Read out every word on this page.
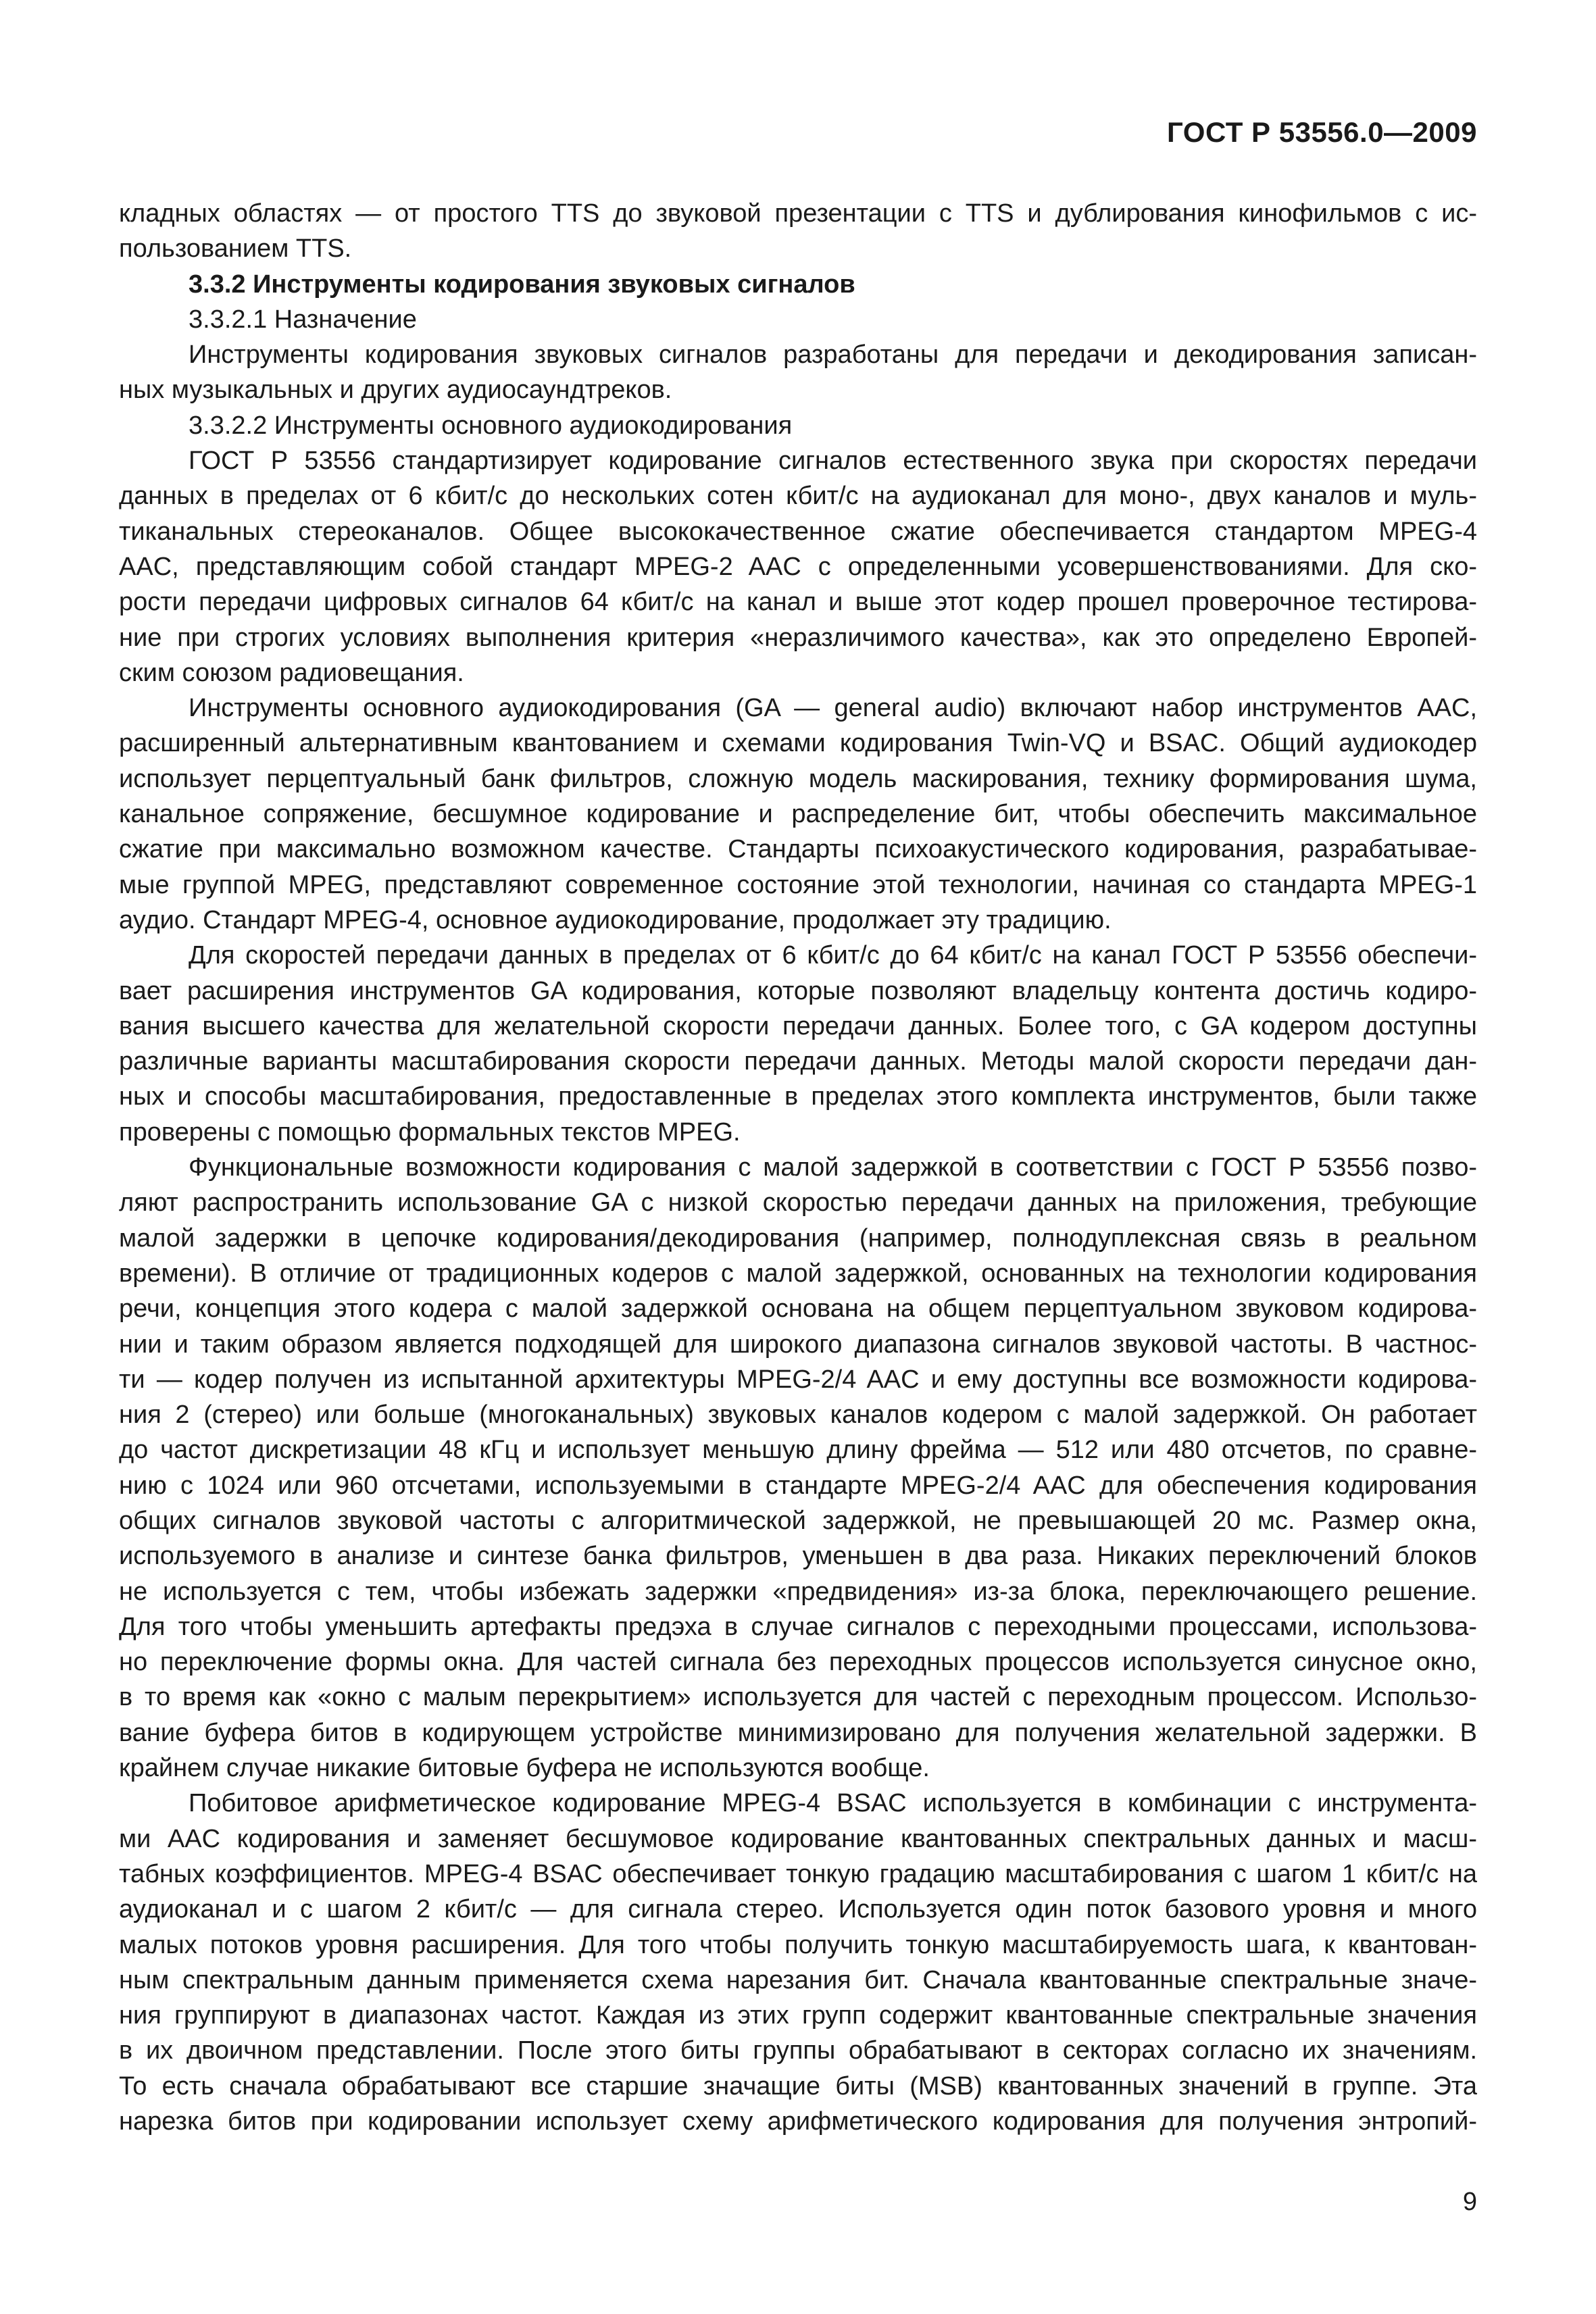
ГОСТ Р 53556.0—2009
кладных областях — от простого TTS до звуковой презентации с TTS и дублирования кинофильмов с ис-
пользованием TTS.
3.3.2 Инструменты кодирования звуковых сигналов
3.3.2.1 Назначение
Инструменты кодирования звуковых сигналов разработаны для передачи и декодирования записан-
ных музыкальных и других аудиосаундтреков.
3.3.2.2 Инструменты основного аудиокодирования
ГОСТ Р 53556 стандартизирует кодирование сигналов естественного звука при скоростях передачи
данных в пределах от 6 кбит/с до нескольких сотен кбит/с на аудиоканал для моно-, двух каналов и муль-
тиканальных стереоканалов. Общее высококачественное сжатие обеспечивается стандартом MPEG-4
AAC, представляющим собой стандарт MPEG-2 AAC с определенными усовершенствованиями. Для ско-
рости передачи цифровых сигналов 64 кбит/с на канал и выше этот кодер прошел проверочное тестирова-
ние при строгих условиях выполнения критерия «неразличимого качества», как это определено Европей-
ским союзом радиовещания.
Инструменты основного аудиокодирования (GA — general audio) включают набор инструментов AAC,
расширенный альтернативным квантованием и схемами кодирования Twin-VQ и BSAC. Общий аудиокодер
использует перцептуальный банк фильтров, сложную модель маскирования, технику формирования шума,
канальное сопряжение, бесшумное кодирование и распределение бит, чтобы обеспечить максимальное
сжатие при максимально возможном качестве. Стандарты психоакустического кодирования, разрабатывае-
мые группой MPEG, представляют современное состояние этой технологии, начиная со стандарта MPEG-1
аудио. Стандарт MPEG-4, основное аудиокодирование, продолжает эту традицию.
Для скоростей передачи данных в пределах от 6 кбит/с до 64 кбит/с на канал ГОСТ Р 53556 обеспечи-
вает расширения инструментов GA кодирования, которые позволяют владельцу контента достичь кодиро-
вания высшего качества для желательной скорости передачи данных. Более того, с GA кодером доступны
различные варианты масштабирования скорости передачи данных. Методы малой скорости передачи дан-
ных и способы масштабирования, предоставленные в пределах этого комплекта инструментов, были также
проверены с помощью формальных текстов MPEG.
Функциональные возможности кодирования с малой задержкой в соответствии с ГОСТ Р 53556 позво-
ляют распространить использование GA с низкой скоростью передачи данных на приложения, требующие
малой задержки в цепочке кодирования/декодирования (например, полнодуплексная связь в реальном
времени). В отличие от традиционных кодеров с малой задержкой, основанных на технологии кодирования
речи, концепция этого кодера с малой задержкой основана на общем перцептуальном звуковом кодирова-
нии и таким образом является подходящей для широкого диапазона сигналов звуковой частоты. В частнос-
ти — кодер получен из испытанной архитектуры MPEG-2/4 AAC и ему доступны все возможности кодирова-
ния 2 (стерео) или больше (многоканальных) звуковых каналов кодером с малой задержкой. Он работает
до частот дискретизации 48 кГц и использует меньшую длину фрейма — 512 или 480 отсчетов, по сравне-
нию с 1024 или 960 отсчетами, используемыми в стандарте MPEG-2/4 AAC для обеспечения кодирования
общих сигналов звуковой частоты с алгоритмической задержкой, не превышающей 20 мс. Размер окна,
используемого в анализе и синтезе банка фильтров, уменьшен в два раза. Никаких переключений блоков
не используется с тем, чтобы избежать задержки «предвидения» из-за блока, переключающего решение.
Для того чтобы уменьшить артефакты предэха в случае сигналов с переходными процессами, использова-
но переключение формы окна. Для частей сигнала без переходных процессов используется синусное окно,
в то время как «окно с малым перекрытием» используется для частей с переходным процессом. Использо-
вание буфера битов в кодирующем устройстве минимизировано для получения желательной задержки. В
крайнем случае никакие битовые буфера не используются вообще.
Побитовое арифметическое кодирование MPEG-4 BSAC используется в комбинации с инструмента-
ми AAC кодирования и заменяет бесшумовое кодирование квантованных спектральных данных и масш-
табных коэффициентов. MPEG-4 BSAC обеспечивает тонкую градацию масштабирования с шагом 1 кбит/с на
аудиоканал и с шагом 2 кбит/с — для сигнала стерео. Используется один поток базового уровня и много
малых потоков уровня расширения. Для того чтобы получить тонкую масштабируемость шага, к квантован-
ным спектральным данным применяется схема нарезания бит. Сначала квантованные спектральные значе-
ния группируют в диапазонах частот. Каждая из этих групп содержит квантованные спектральные значения
в их двоичном представлении. После этого биты группы обрабатывают в секторах согласно их значениям.
То есть сначала обрабатывают все старшие значащие биты (MSB) квантованных значений в группе. Эта
нарезка битов при кодировании использует схему арифметического кодирования для получения энтропий-
9
